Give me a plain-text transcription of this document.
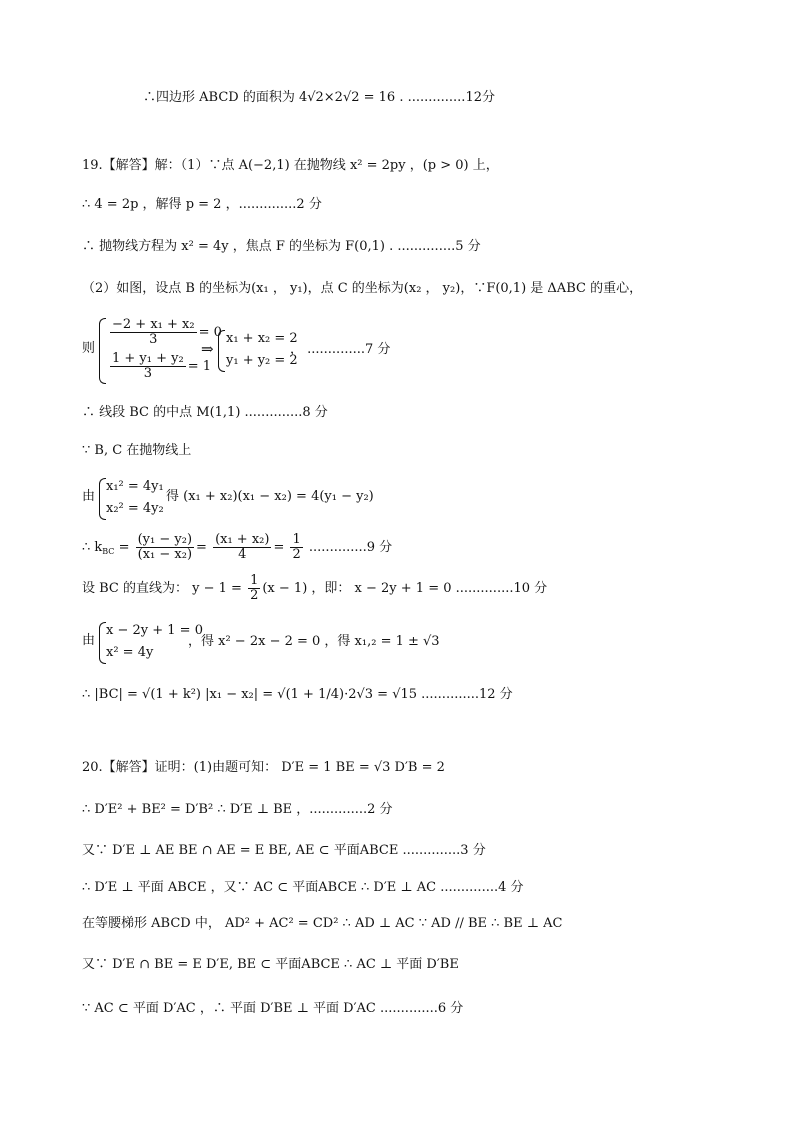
∴四边形 ABCD 的面积为 4√2×2√2 = 16 . ..............12分
19.【解答】解：（1）∵点 A(−2,1) 在抛物线 x² = 2py ，(p > 0) 上，
∴ 4 = 2p ，解得 p = 2 ，..............2 分
∴ 抛物线方程为 x² = 4y ，焦点 F 的坐标为 F(0,1) . ..............5 分
（2）如图，设点 B 的坐标为(x₁ ， y₁)，点 C 的坐标为(x₂ ， y₂)，∵F(0,1) 是 ΔABC 的重心，
则
$\frac{\text{−2 + x₁ + x₂}}{3} = 0$
$\frac{\text{1 + y₁ + y₂}}{3} = 1$
⇒
x₁ + x₂ = 2
y₁ + y₂ = 2
， ..............7 分
∴ 线段 BC 的中点 M(1,1) ..............8 分
∵ B, C 在抛物线上
由
x₁² = 4y₁
x₂² = 4y₂
得 (x₁ + x₂)(x₁ − x₂) = 4(y₁ − y₂)
∴ $k_{BC} = \frac{\text{(y₁ − y₂)}}{\text{(x₁ − x₂)}} = \frac{\text{(x₁ + x₂)}}{4} = \frac{1}{2} ..............9$ 分
设 BC 的直线为： $y - 1 = \frac{1}{2} (x - 1)$ ，即： x − 2y + 1 = 0 ..............10 分
由
x − 2y + 1 = 0
x² = 4y
，得 x² − 2x − 2 = 0 ，得 x₁,₂ = 1 ± √3
∴ |BC| = √(1 + k²) |x₁ − x₂| = √(1 + 1/4)·2√3 = √15 ..............12 分
20.【解答】证明：(1)由题可知： D′E = 1 BE = √3 D′B = 2
∴ D′E² + BE² = D′B² ∴ D′E ⊥ BE ，..............2 分
又∵ D′E ⊥ AE BE ∩ AE = E BE, AE ⊂ 平面ABCE ..............3 分
∴ D′E ⊥ 平面 ABCE ，又∵ AC ⊂ 平面ABCE ∴ D′E ⊥ AC ..............4 分
在等腰梯形 ABCD 中， AD² + AC² = CD² ∴ AD ⊥ AC ∵ AD // BE ∴ BE ⊥ AC
又∵ D′E ∩ BE = E D′E, BE ⊂ 平面ABCE ∴ AC ⊥ 平面 D′BE
∵ AC ⊂ 平面 D′AC ，∴ 平面 D′BE ⊥ 平面 D′AC ..............6 分
